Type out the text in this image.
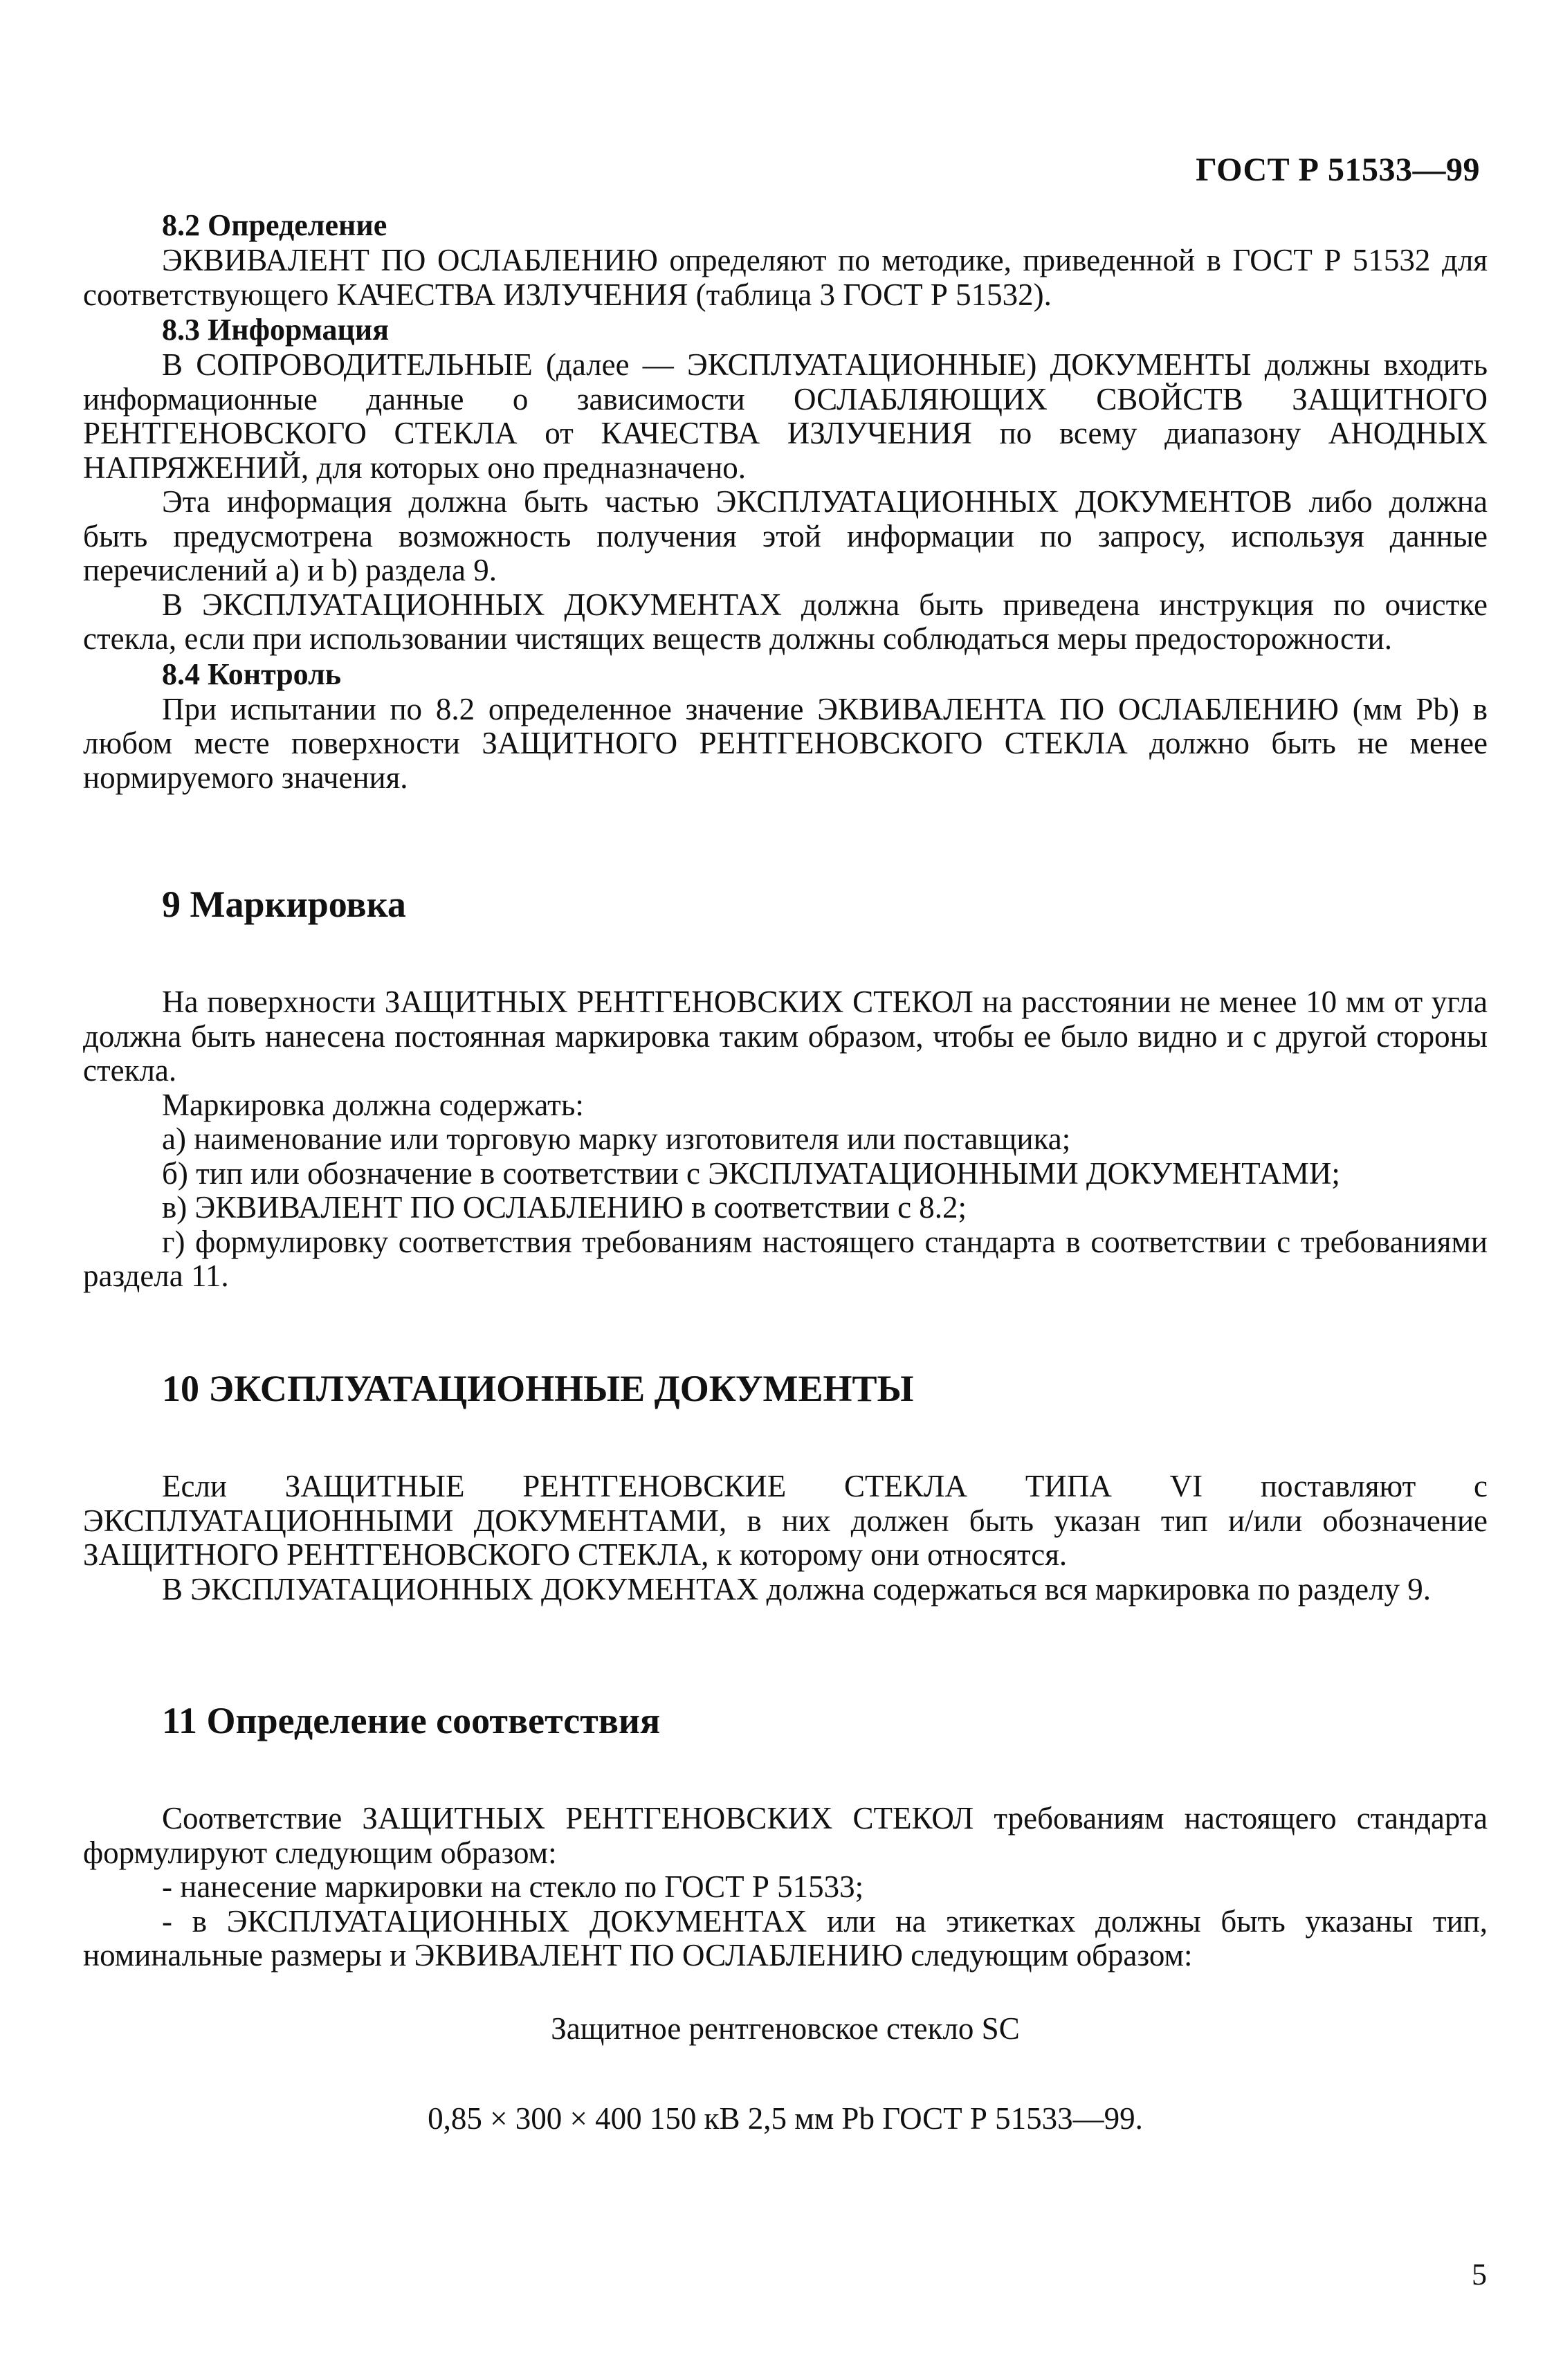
ГОСТ Р 51533—99
8.2 Определение
ЭКВИВАЛЕНТ ПО ОСЛАБЛЕНИЮ определяют по методике, приведенной в ГОСТ Р 51532 для соответствующего КАЧЕСТВА ИЗЛУЧЕНИЯ (таблица 3 ГОСТ Р 51532).
8.3 Информация
В СОПРОВОДИТЕЛЬНЫЕ (далее — ЭКСПЛУАТАЦИОННЫЕ) ДОКУМЕНТЫ должны входить информационные данные о зависимости ОСЛАБЛЯЮЩИХ СВОЙСТВ ЗАЩИТНОГО РЕНТГЕНОВСКОГО СТЕКЛА от КАЧЕСТВА ИЗЛУЧЕНИЯ по всему диапазону АНОДНЫХ НАПРЯЖЕНИЙ, для которых оно предназначено.
Эта информация должна быть частью ЭКСПЛУАТАЦИОННЫХ ДОКУМЕНТОВ либо должна быть предусмотрена возможность получения этой информации по запросу, используя данные перечислений а) и b) раздела 9.
В ЭКСПЛУАТАЦИОННЫХ ДОКУМЕНТАХ должна быть приведена инструкция по очистке стекла, если при использовании чистящих веществ должны соблюдаться меры предосторожности.
8.4 Контроль
При испытании по 8.2 определенное значение ЭКВИВАЛЕНТА ПО ОСЛАБЛЕНИЮ (мм Pb) в любом месте поверхности ЗАЩИТНОГО РЕНТГЕНОВСКОГО СТЕКЛА должно быть не менее нормируемого значения.
9 Маркировка
На поверхности ЗАЩИТНЫХ РЕНТГЕНОВСКИХ СТЕКОЛ на расстоянии не менее 10 мм от угла должна быть нанесена постоянная маркировка таким образом, чтобы ее было видно и с другой стороны стекла.
Маркировка должна содержать:
а) наименование или торговую марку изготовителя или поставщика;
б) тип или обозначение в соответствии с ЭКСПЛУАТАЦИОННЫМИ ДОКУМЕНТАМИ;
в) ЭКВИВАЛЕНТ ПО ОСЛАБЛЕНИЮ в соответствии с 8.2;
г) формулировку соответствия требованиям настоящего стандарта в соответствии с требованиями раздела 11.
10 ЭКСПЛУАТАЦИОННЫЕ ДОКУМЕНТЫ
Если ЗАЩИТНЫЕ РЕНТГЕНОВСКИЕ СТЕКЛА ТИПА VI поставляют с ЭКСПЛУАТАЦИОННЫМИ ДОКУМЕНТАМИ, в них должен быть указан тип и/или обозначение ЗАЩИТНОГО РЕНТГЕНОВСКОГО СТЕКЛА, к которому они относятся.
В ЭКСПЛУАТАЦИОННЫХ ДОКУМЕНТАХ должна содержаться вся маркировка по разделу 9.
11 Определение соответствия
Соответствие ЗАЩИТНЫХ РЕНТГЕНОВСКИХ СТЕКОЛ требованиям настоящего стандарта формулируют следующим образом:
- нанесение маркировки на стекло по ГОСТ Р 51533;
- в ЭКСПЛУАТАЦИОННЫХ ДОКУМЕНТАХ или на этикетках должны быть указаны тип, номинальные размеры и ЭКВИВАЛЕНТ ПО ОСЛАБЛЕНИЮ следующим образом:
Защитное рентгеновское стекло SC
0,85 × 300 × 400 150 кВ 2,5 мм Pb ГОСТ Р 51533—99.
5
